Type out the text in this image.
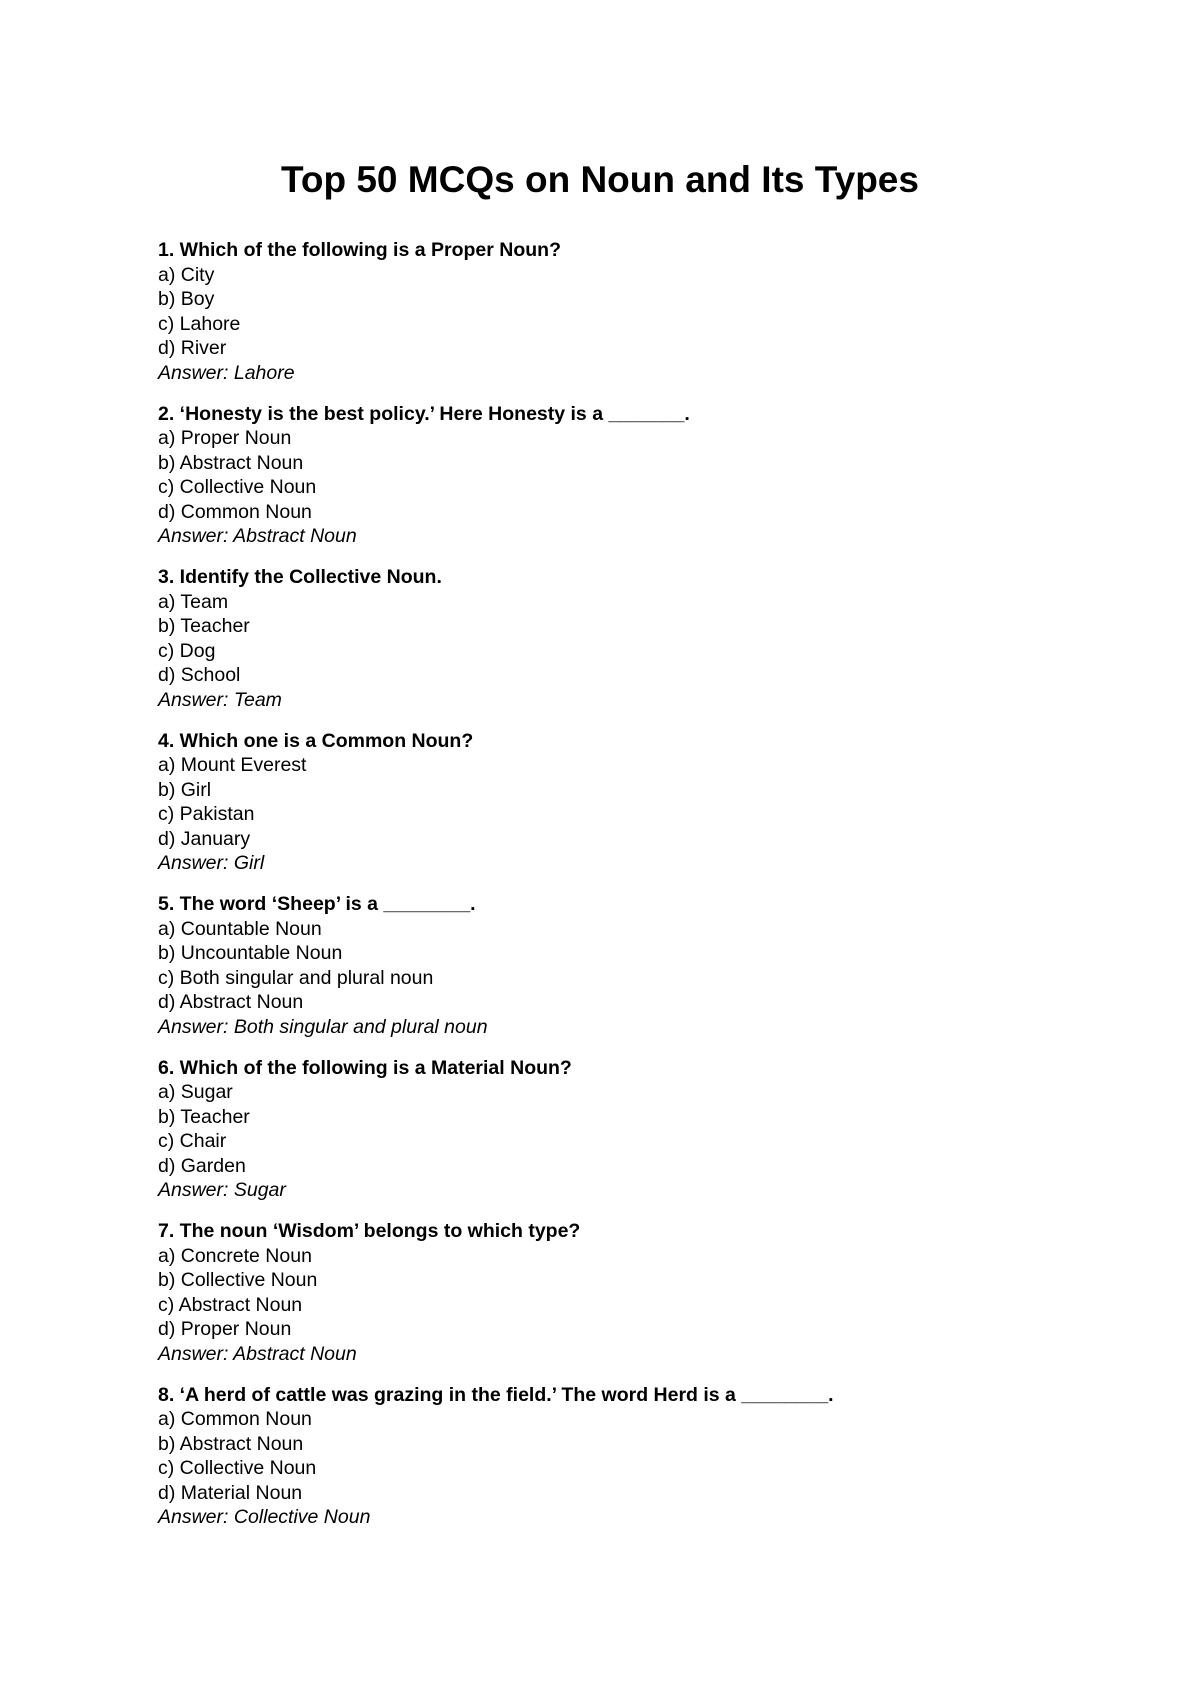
Top 50 MCQs on Noun and Its Types

1. Which of the following is a Proper Noun?

a) City

b) Boy

c) Lahore

d) River

Answer: Lahore

2. ‘Honesty is the best policy.’ Here Honesty is a _______.

a) Proper Noun

b) Abstract Noun

c) Collective Noun

d) Common Noun

Answer: Abstract Noun

3. Identify the Collective Noun.

a) Team

b) Teacher

c) Dog

d) School

Answer: Team

4. Which one is a Common Noun?

a) Mount Everest

b) Girl

c) Pakistan

d) January

Answer: Girl

5. The word ‘Sheep’ is a ________.

a) Countable Noun

b) Uncountable Noun

c) Both singular and plural noun

d) Abstract Noun

Answer: Both singular and plural noun

6. Which of the following is a Material Noun?

a) Sugar

b) Teacher

c) Chair

d) Garden

Answer: Sugar

7. The noun ‘Wisdom’ belongs to which type?

a) Concrete Noun

b) Collective Noun

c) Abstract Noun

d) Proper Noun

Answer: Abstract Noun

8. ‘A herd of cattle was grazing in the field.’ The word Herd is a ________.

a) Common Noun

b) Abstract Noun

c) Collective Noun

d) Material Noun

Answer: Collective Noun
